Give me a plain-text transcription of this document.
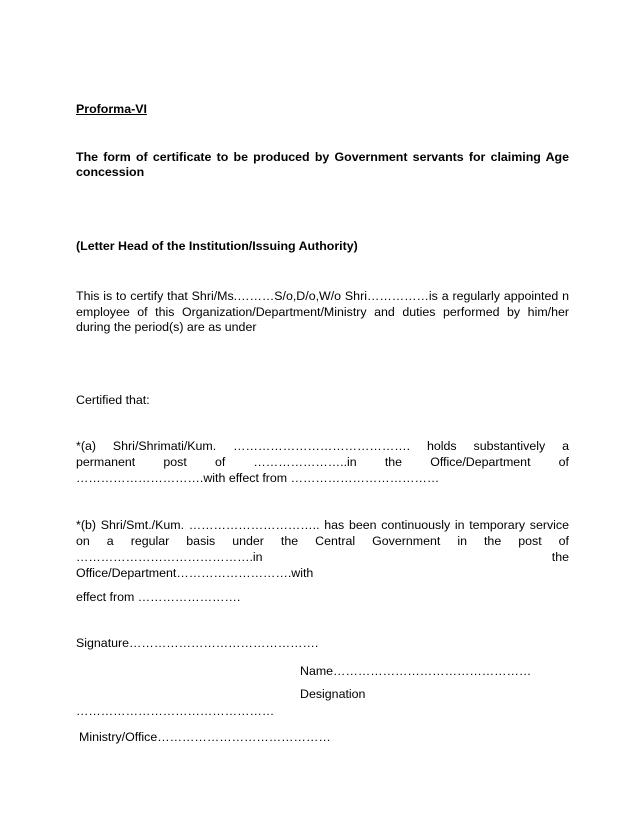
Proforma-VI
The form of certificate to be produced by Government servants for claiming Age concession
(Letter Head of the Institution/Issuing Authority)
This is to certify that Shri/Ms.………S/o,D/o,W/o Shri……………is a regularly appointed n employee of this Organization/Department/Ministry and duties performed by him/her during the period(s) are as under
Certified that:
*(a) Shri/Shrimati/Kum. ……………………………………. holds substantively a
permanent post of …………………..in the Office/Department of
………………………….with effect from ………………………………
*(b) Shri/Smt./Kum. ………………………….. has been continuously in temporary service
on a regular basis under the Central Government in the post of
…………………………………….in the
Office/Department……………………….with
effect from …………………….
Signature……………………………………….
Name…………………………………………
Designation
…………………………………………
Ministry/Office……………………………………
